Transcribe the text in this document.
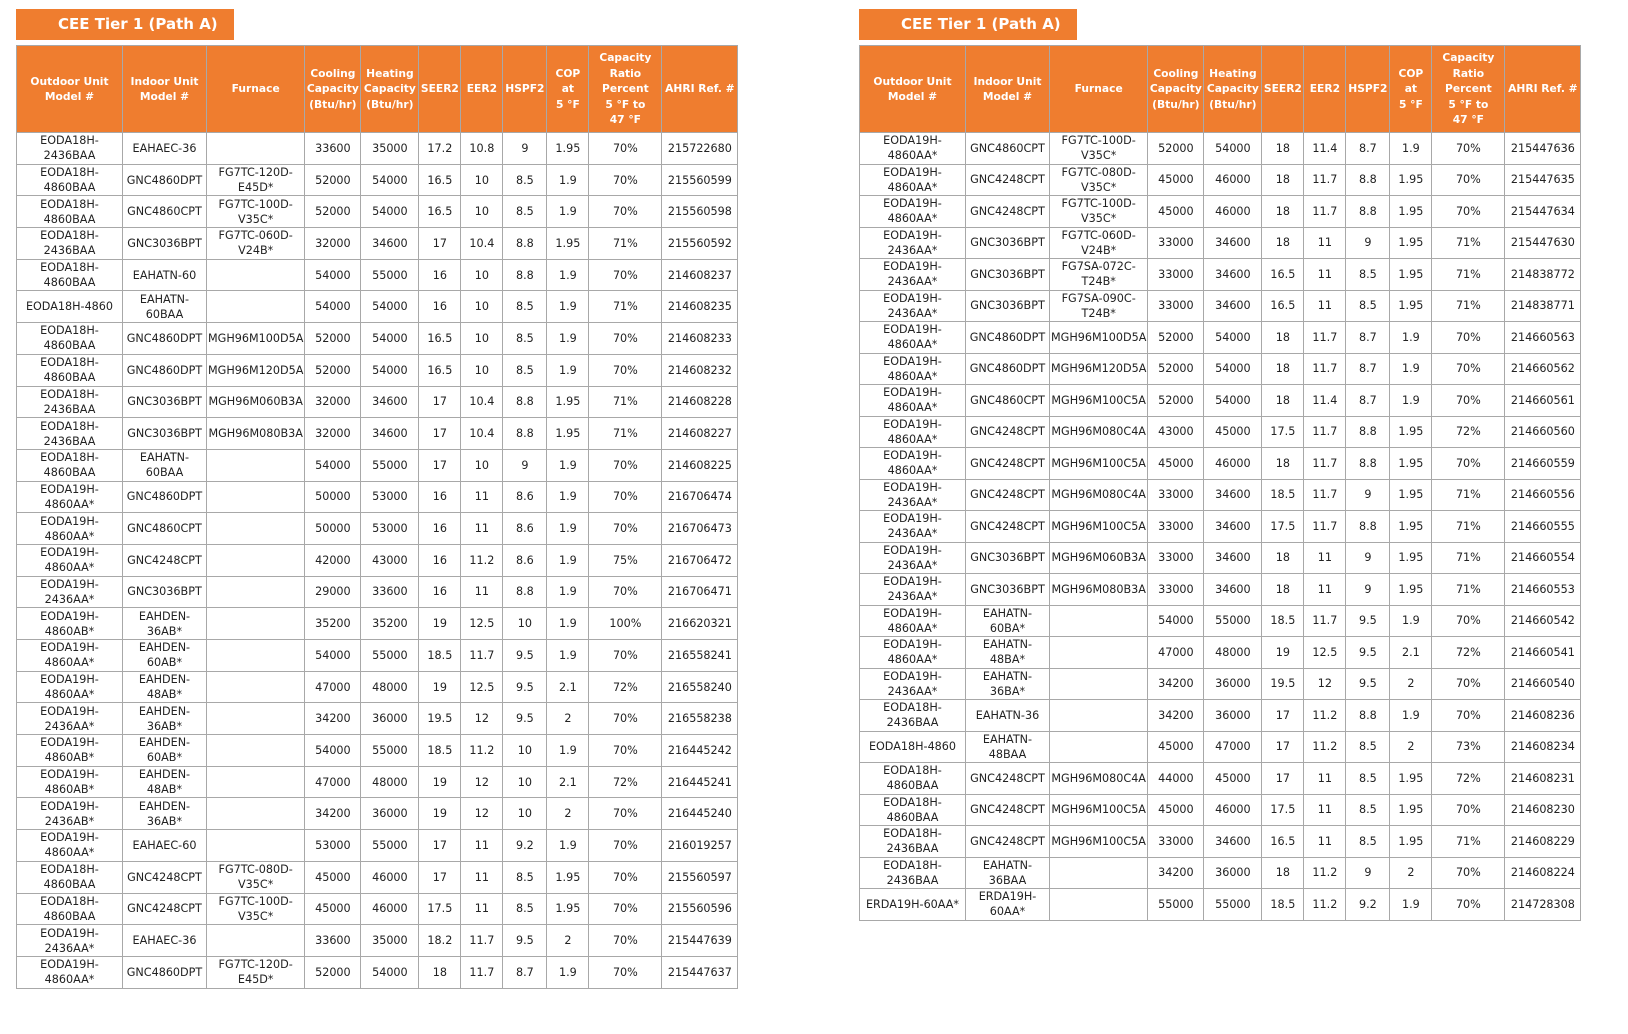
CEE Tier 1 (Path A)
Outdoor Unit
Model #	Indoor Unit
Model #	Furnace	Cooling
Capacity
(Btu/hr)	Heating
Capacity
(Btu/hr)	SEER2	EER2	HSPF2	COP
at
5 °F	Capacity
Ratio
Percent
5 °F to
47 °F	AHRI Ref. #
EODA18H-
2436BAA	EAHAEC-36		33600	35000	17.2	10.8	9	1.95	70%	215722680
EODA18H-
4860BAA	GNC4860DPT	FG7TC-120D-
E45D*	52000	54000	16.5	10	8.5	1.9	70%	215560599
EODA18H-
4860BAA	GNC4860CPT	FG7TC-100D-
V35C*	52000	54000	16.5	10	8.5	1.9	70%	215560598
EODA18H-
2436BAA	GNC3036BPT	FG7TC-060D-
V24B*	32000	34600	17	10.4	8.8	1.95	71%	215560592
EODA18H-
4860BAA	EAHATN-60		54000	55000	16	10	8.8	1.9	70%	214608237
EODA18H-4860	EAHATN-
60BAA		54000	54000	16	10	8.5	1.9	71%	214608235
EODA18H-
4860BAA	GNC4860DPT	MGH96M100D5A	52000	54000	16.5	10	8.5	1.9	70%	214608233
EODA18H-
4860BAA	GNC4860DPT	MGH96M120D5A	52000	54000	16.5	10	8.5	1.9	70%	214608232
EODA18H-
2436BAA	GNC3036BPT	MGH96M060B3A	32000	34600	17	10.4	8.8	1.95	71%	214608228
EODA18H-
2436BAA	GNC3036BPT	MGH96M080B3A	32000	34600	17	10.4	8.8	1.95	71%	214608227
EODA18H-
4860BAA	EAHATN-
60BAA		54000	55000	17	10	9	1.9	70%	214608225
EODA19H-
4860AA*	GNC4860DPT		50000	53000	16	11	8.6	1.9	70%	216706474
EODA19H-
4860AA*	GNC4860CPT		50000	53000	16	11	8.6	1.9	70%	216706473
EODA19H-
4860AA*	GNC4248CPT		42000	43000	16	11.2	8.6	1.9	75%	216706472
EODA19H-
2436AA*	GNC3036BPT		29000	33600	16	11	8.8	1.9	70%	216706471
EODA19H-
4860AB*	EAHDEN-
36AB*		35200	35200	19	12.5	10	1.9	100%	216620321
EODA19H-
4860AA*	EAHDEN-
60AB*		54000	55000	18.5	11.7	9.5	1.9	70%	216558241
EODA19H-
4860AA*	EAHDEN-
48AB*		47000	48000	19	12.5	9.5	2.1	72%	216558240
EODA19H-
2436AA*	EAHDEN-
36AB*		34200	36000	19.5	12	9.5	2	70%	216558238
EODA19H-
4860AB*	EAHDEN-
60AB*		54000	55000	18.5	11.2	10	1.9	70%	216445242
EODA19H-
4860AB*	EAHDEN-
48AB*		47000	48000	19	12	10	2.1	72%	216445241
EODA19H-
2436AB*	EAHDEN-
36AB*		34200	36000	19	12	10	2	70%	216445240
EODA19H-
4860AA*	EAHAEC-60		53000	55000	17	11	9.2	1.9	70%	216019257
EODA18H-
4860BAA	GNC4248CPT	FG7TC-080D-
V35C*	45000	46000	17	11	8.5	1.95	70%	215560597
EODA18H-
4860BAA	GNC4248CPT	FG7TC-100D-
V35C*	45000	46000	17.5	11	8.5	1.95	70%	215560596
EODA19H-
2436AA*	EAHAEC-36		33600	35000	18.2	11.7	9.5	2	70%	215447639
EODA19H-
4860AA*	GNC4860DPT	FG7TC-120D-
E45D*	52000	54000	18	11.7	8.7	1.9	70%	215447637
CEE Tier 1 (Path A)
Outdoor Unit
Model #	Indoor Unit
Model #	Furnace	Cooling
Capacity
(Btu/hr)	Heating
Capacity
(Btu/hr)	SEER2	EER2	HSPF2	COP
at
5 °F	Capacity
Ratio
Percent
5 °F to
47 °F	AHRI Ref. #
EODA19H-
4860AA*	GNC4860CPT	FG7TC-100D-
V35C*	52000	54000	18	11.4	8.7	1.9	70%	215447636
EODA19H-
4860AA*	GNC4248CPT	FG7TC-080D-
V35C*	45000	46000	18	11.7	8.8	1.95	70%	215447635
EODA19H-
4860AA*	GNC4248CPT	FG7TC-100D-
V35C*	45000	46000	18	11.7	8.8	1.95	70%	215447634
EODA19H-
2436AA*	GNC3036BPT	FG7TC-060D-
V24B*	33000	34600	18	11	9	1.95	71%	215447630
EODA19H-
2436AA*	GNC3036BPT	FG7SA-072C-
T24B*	33000	34600	16.5	11	8.5	1.95	71%	214838772
EODA19H-
2436AA*	GNC3036BPT	FG7SA-090C-
T24B*	33000	34600	16.5	11	8.5	1.95	71%	214838771
EODA19H-
4860AA*	GNC4860DPT	MGH96M100D5A	52000	54000	18	11.7	8.7	1.9	70%	214660563
EODA19H-
4860AA*	GNC4860DPT	MGH96M120D5A	52000	54000	18	11.7	8.7	1.9	70%	214660562
EODA19H-
4860AA*	GNC4860CPT	MGH96M100C5A	52000	54000	18	11.4	8.7	1.9	70%	214660561
EODA19H-
4860AA*	GNC4248CPT	MGH96M080C4A	43000	45000	17.5	11.7	8.8	1.95	72%	214660560
EODA19H-
4860AA*	GNC4248CPT	MGH96M100C5A	45000	46000	18	11.7	8.8	1.95	70%	214660559
EODA19H-
2436AA*	GNC4248CPT	MGH96M080C4A	33000	34600	18.5	11.7	9	1.95	71%	214660556
EODA19H-
2436AA*	GNC4248CPT	MGH96M100C5A	33000	34600	17.5	11.7	8.8	1.95	71%	214660555
EODA19H-
2436AA*	GNC3036BPT	MGH96M060B3A	33000	34600	18	11	9	1.95	71%	214660554
EODA19H-
2436AA*	GNC3036BPT	MGH96M080B3A	33000	34600	18	11	9	1.95	71%	214660553
EODA19H-
4860AA*	EAHATN-
60BA*		54000	55000	18.5	11.7	9.5	1.9	70%	214660542
EODA19H-
4860AA*	EAHATN-
48BA*		47000	48000	19	12.5	9.5	2.1	72%	214660541
EODA19H-
2436AA*	EAHATN-
36BA*		34200	36000	19.5	12	9.5	2	70%	214660540
EODA18H-
2436BAA	EAHATN-36		34200	36000	17	11.2	8.8	1.9	70%	214608236
EODA18H-4860	EAHATN-
48BAA		45000	47000	17	11.2	8.5	2	73%	214608234
EODA18H-
4860BAA	GNC4248CPT	MGH96M080C4A	44000	45000	17	11	8.5	1.95	72%	214608231
EODA18H-
4860BAA	GNC4248CPT	MGH96M100C5A	45000	46000	17.5	11	8.5	1.95	70%	214608230
EODA18H-
2436BAA	GNC4248CPT	MGH96M100C5A	33000	34600	16.5	11	8.5	1.95	71%	214608229
EODA18H-
2436BAA	EAHATN-
36BAA		34200	36000	18	11.2	9	2	70%	214608224
ERDA19H-60AA*	ERDA19H-
60AA*		55000	55000	18.5	11.2	9.2	1.9	70%	214728308
